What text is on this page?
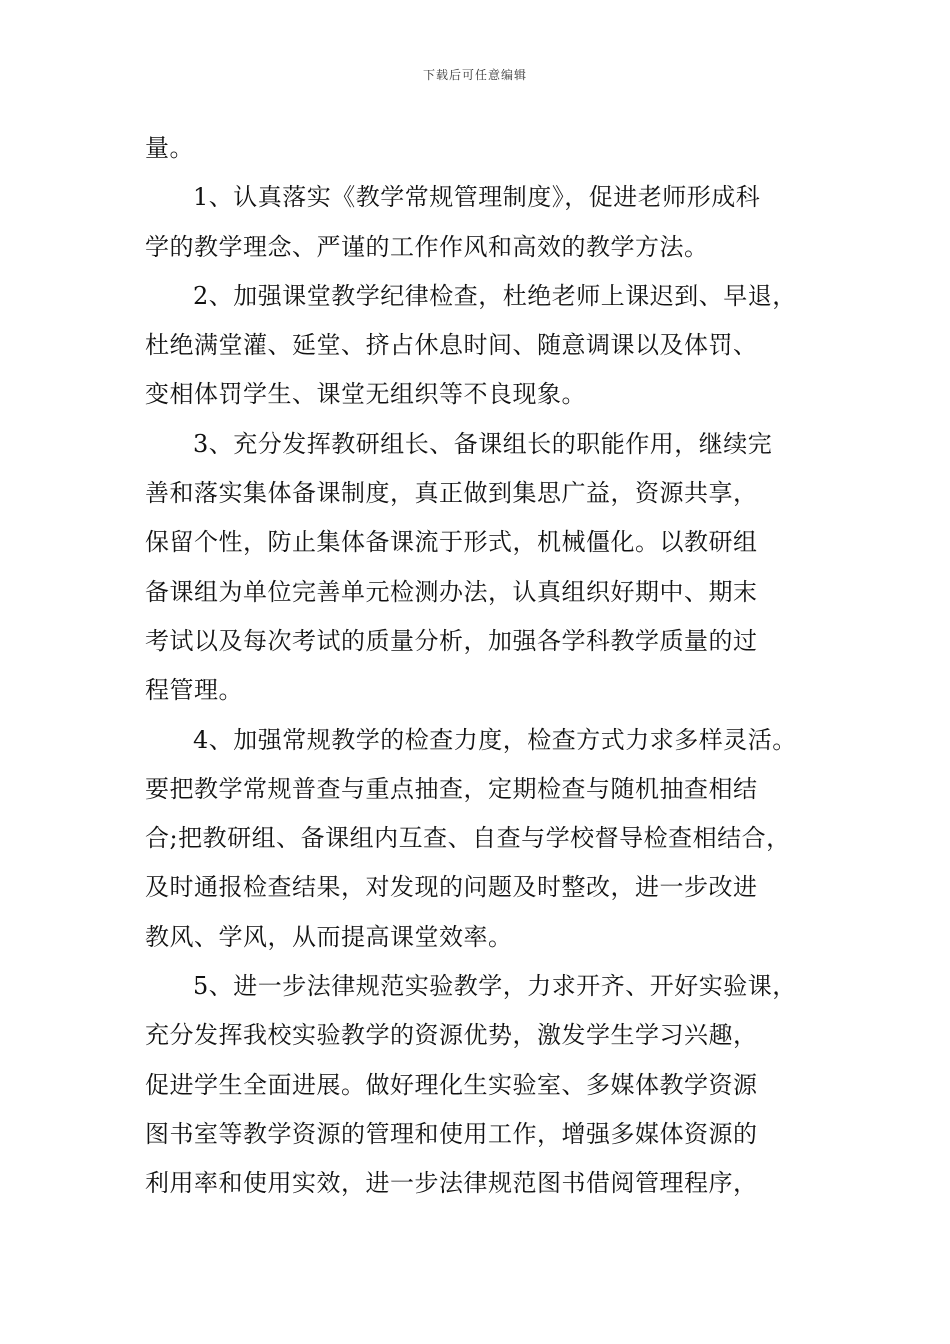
下载后可任意编辑
量。
1、认真落实《教学常规管理制度》，促进老师形成科
学的教学理念、严谨的工作作风和高效的教学方法。
2、加强课堂教学纪律检查，杜绝老师上课迟到、早退，
杜绝满堂灌、延堂、挤占休息时间、随意调课以及体罚、
变相体罚学生、课堂无组织等不良现象。
3、充分发挥教研组长、备课组长的职能作用，继续完
善和落实集体备课制度，真正做到集思广益，资源共享，
保留个性，防止集体备课流于形式，机械僵化。以教研组
备课组为单位完善单元检测办法，认真组织好期中、期末
考试以及每次考试的质量分析，加强各学科教学质量的过
程管理。
4、加强常规教学的检查力度，检查方式力求多样灵活。
要把教学常规普查与重点抽查，定期检查与随机抽查相结
合;把教研组、备课组内互查、自查与学校督导检查相结合，
及时通报检查结果，对发现的问题及时整改，进一步改进
教风、学风，从而提高课堂效率。
5、进一步法律规范实验教学，力求开齐、开好实验课，
充分发挥我校实验教学的资源优势，激发学生学习兴趣，
促进学生全面进展。做好理化生实验室、多媒体教学资源
图书室等教学资源的管理和使用工作，增强多媒体资源的
利用率和使用实效，进一步法律规范图书借阅管理程序，
